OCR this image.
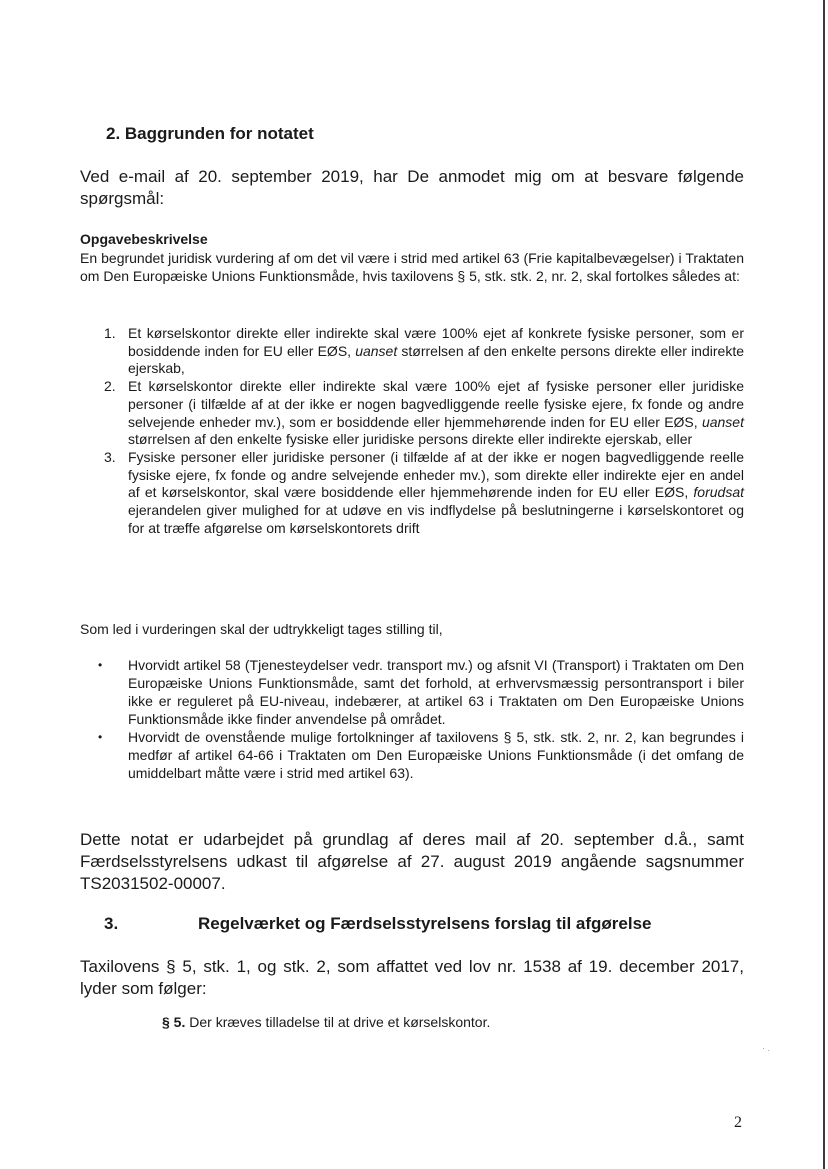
2. Baggrunden for notatet
Ved e-mail af 20. september 2019, har De anmodet mig om at besvare følgende spørgsmål:
Opgavebeskrivelse
En begrundet juridisk vurdering af om det vil være i strid med artikel 63 (Frie kapitalbevægelser) i Traktaten om Den Europæiske Unions Funktionsmåde, hvis taxilovens § 5, stk. stk. 2, nr. 2, skal fortolkes således at:
1. Et kørselskontor direkte eller indirekte skal være 100% ejet af konkrete fysiske personer, som er bosiddende inden for EU eller EØS, uanset størrelsen af den enkelte persons direkte eller indirekte ejerskab,
2. Et kørselskontor direkte eller indirekte skal være 100% ejet af fysiske personer eller juridiske personer (i tilfælde af at der ikke er nogen bagvedliggende reelle fysiske ejere, fx fonde og andre selvejende enheder mv.), som er bosiddende eller hjemmehørende inden for EU eller EØS, uanset størrelsen af den enkelte fysiske eller juridiske persons direkte eller indirekte ejerskab, eller
3. Fysiske personer eller juridiske personer (i tilfælde af at der ikke er nogen bagvedliggende reelle fysiske ejere, fx fonde og andre selvejende enheder mv.), som direkte eller indirekte ejer en andel af et kørselskontor, skal være bosiddende eller hjemmehørende inden for EU eller EØS, forudsat ejerandelen giver mulighed for at udøve en vis indflydelse på beslutningerne i kørselskontoret og for at træffe afgørelse om kørselskontorets drift
Som led i vurderingen skal der udtrykkeligt tages stilling til,
•	Hvorvidt artikel 58 (Tjenesteydelser vedr. transport mv.) og afsnit VI (Transport) i Traktaten om Den Europæiske Unions Funktionsmåde, samt det forhold, at erhvervsmæssig persontransport i biler ikke er reguleret på EU-niveau, indebærer, at artikel 63 i Traktaten om Den Europæiske Unions Funktionsmåde ikke finder anvendelse på området.
•	Hvorvidt de ovenstående mulige fortolkninger af taxilovens § 5, stk. stk. 2, nr. 2, kan begrundes i medfør af artikel 64-66 i Traktaten om Den Europæiske Unions Funktionsmåde (i det omfang de umiddelbart måtte være i strid med artikel 63).
Dette notat er udarbejdet på grundlag af deres mail af 20. september d.å., samt Færdselsstyrelsens udkast til afgørelse af 27. august 2019 angående sagsnummer TS2031502-00007.
3.	Regelværket og Færdselsstyrelsens forslag til afgørelse
Taxilovens § 5, stk. 1, og stk. 2, som affattet ved lov nr. 1538 af 19. december 2017, lyder som følger:
§ 5. Der kræves tilladelse til at drive et kørselskontor.
· .
2
